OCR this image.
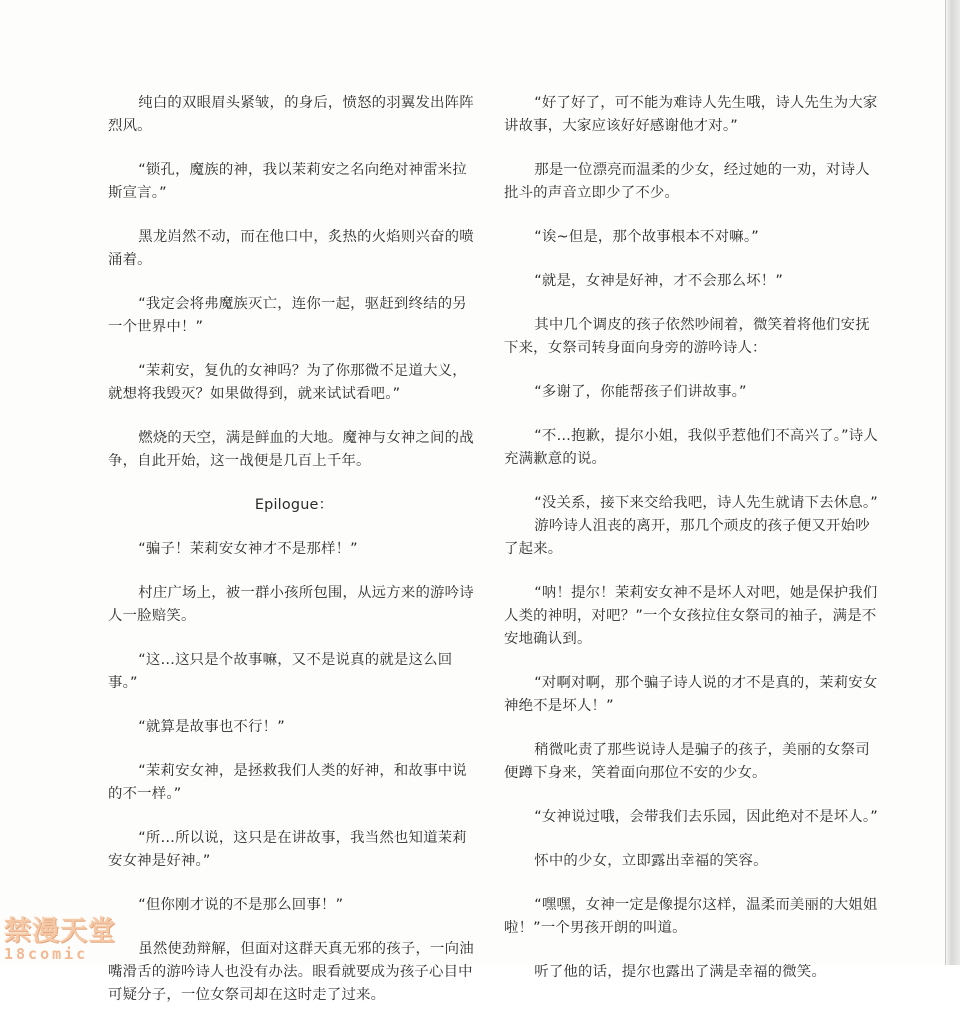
纯白的双眼眉头紧皱，的身后，愤怒的羽翼发出阵阵烈风。

“锁孔，魔族的神，我以茉莉安之名向绝对神雷米拉斯宣言。”

黑龙岿然不动，而在他口中，炙热的火焰则兴奋的喷涌着。

“我定会将弗魔族灭亡，连你一起，驱赶到终结的另一个世界中！”

“茉莉安，复仇的女神吗？为了你那微不足道大义，就想将我毁灭？如果做得到，就来试试看吧。”

燃烧的天空，满是鲜血的大地。魔神与女神之间的战争，自此开始，这一战便是几百上千年。

Epilogue：

“骗子！茉莉安女神才不是那样！”

村庄广场上，被一群小孩所包围，从远方来的游吟诗人一脸赔笑。

“这…这只是个故事嘛，又不是说真的就是这么回事。”

“就算是故事也不行！”

“茉莉安女神，是拯救我们人类的好神，和故事中说的不一样。”

“所…所以说，这只是在讲故事，我当然也知道茉莉安女神是好神。”

“但你刚才说的不是那么回事！”

虽然使劲辩解，但面对这群天真无邪的孩子，一向油嘴滑舌的游吟诗人也没有办法。眼看就要成为孩子心目中可疑分子，一位女祭司却在这时走了过来。

“好了好了，可不能为难诗人先生哦，诗人先生为大家讲故事，大家应该好好感谢他才对。”

那是一位漂亮而温柔的少女，经过她的一劝，对诗人批斗的声音立即少了不少。

“诶~但是，那个故事根本不对嘛。”

“就是，女神是好神，才不会那么坏！”

其中几个调皮的孩子依然吵闹着，微笑着将他们安抚下来，女祭司转身面向身旁的游吟诗人：

“多谢了，你能帮孩子们讲故事。”

“不…抱歉，提尔小姐，我似乎惹他们不高兴了。”诗人充满歉意的说。

“没关系，接下来交给我吧，诗人先生就请下去休息。”

游吟诗人沮丧的离开，那几个顽皮的孩子便又开始吵了起来。

“呐！提尔！茉莉安女神不是坏人对吧，她是保护我们人类的神明，对吧？”一个女孩拉住女祭司的袖子，满是不安地确认到。

“对啊对啊，那个骗子诗人说的才不是真的，茉莉安女神绝不是坏人！”

稍微叱责了那些说诗人是骗子的孩子，美丽的女祭司便蹲下身来，笑着面向那位不安的少女。

“女神说过哦，会带我们去乐园，因此绝对不是坏人。”

怀中的少女，立即露出幸福的笑容。

“嘿嘿，女神一定是像提尔这样，温柔而美丽的大姐姐啦！”一个男孩开朗的叫道。

听了他的话，提尔也露出了满是幸福的微笑。

禁漫天堂
18comic
